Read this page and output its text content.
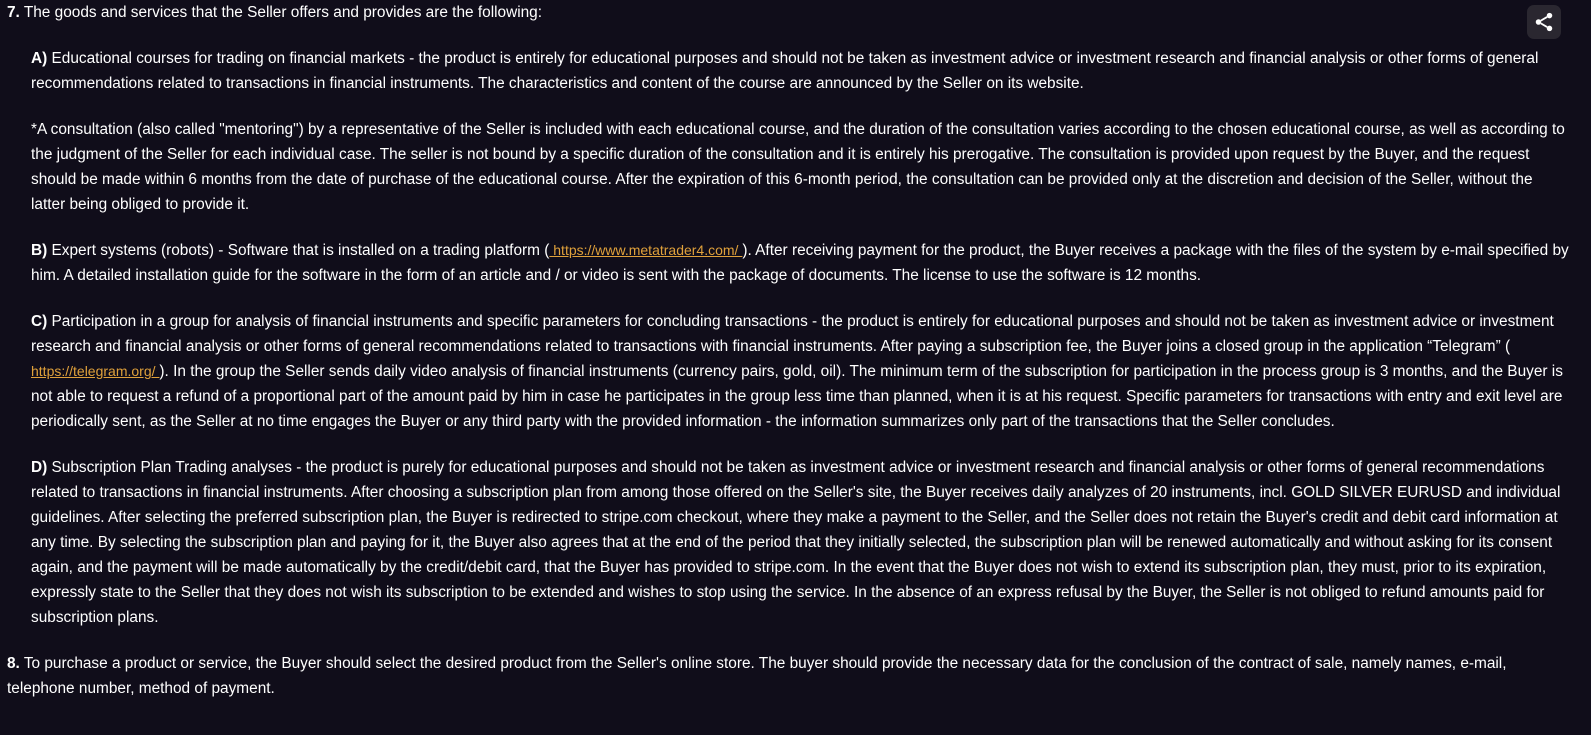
7. The goods and services that the Seller offers and provides are the following:

A) Educational courses for trading on financial markets - the product is entirely for educational purposes and should not be taken as investment advice or investment research and financial analysis or other forms of general recommendations related to transactions in financial instruments. The characteristics and content of the course are announced by the Seller on its website.

*A consultation (also called "mentoring") by a representative of the Seller is included with each educational course, and the duration of the consultation varies according to the chosen educational course, as well as according to the judgment of the Seller for each individual case. The seller is not bound by a specific duration of the consultation and it is entirely his prerogative. The consultation is provided upon request by the Buyer, and the request should be made within 6 months from the date of purchase of the educational course. After the expiration of this 6-month period, the consultation can be provided only at the discretion and decision of the Seller, without the latter being obliged to provide it.

B) Expert systems (robots) - Software that is installed on a trading platform ( https://www.metatrader4.com/ ). After receiving payment for the product, the Buyer receives a package with the files of the system by e-mail specified by him. A detailed installation guide for the software in the form of an article and / or video is sent with the package of documents. The license to use the software is 12 months.

C) Participation in a group for analysis of financial instruments and specific parameters for concluding transactions - the product is entirely for educational purposes and should not be taken as investment advice or investment research and financial analysis or other forms of general recommendations related to transactions with financial instruments. After paying a subscription fee, the Buyer joins a closed group in the application “Telegram” ( https://telegram.org/ ). In the group the Seller sends daily video analysis of financial instruments (currency pairs, gold, oil). The minimum term of the subscription for participation in the process group is 3 months, and the Buyer is not able to request a refund of a proportional part of the amount paid by him in case he participates in the group less time than planned, when it is at his request. Specific parameters for transactions with entry and exit level are periodically sent, as the Seller at no time engages the Buyer or any third party with the provided information - the information summarizes only part of the transactions that the Seller concludes.

D) Subscription Plan Trading analyses - the product is purely for educational purposes and should not be taken as investment advice or investment research and financial analysis or other forms of general recommendations related to transactions in financial instruments. After choosing a subscription plan from among those offered on the Seller's site, the Buyer receives daily analyzes of 20 instruments, incl. GOLD SILVER EURUSD and individual guidelines. After selecting the preferred subscription plan, the Buyer is redirected to stripe.com checkout, where they make a payment to the Seller, and the Seller does not retain the Buyer's credit and debit card information at any time. By selecting the subscription plan and paying for it, the Buyer also agrees that at the end of the period that they initially selected, the subscription plan will be renewed automatically and without asking for its consent again, and the payment will be made automatically by the credit/debit card, that the Buyer has provided to stripe.com. In the event that the Buyer does not wish to extend its subscription plan, they must, prior to its expiration, expressly state to the Seller that they does not wish its subscription to be extended and wishes to stop using the service. In the absence of an express refusal by the Buyer, the Seller is not obliged to refund amounts paid for subscription plans.

8. To purchase a product or service, the Buyer should select the desired product from the Seller's online store. The buyer should provide the necessary data for the conclusion of the contract of sale, namely names, e-mail, telephone number, method of payment.
